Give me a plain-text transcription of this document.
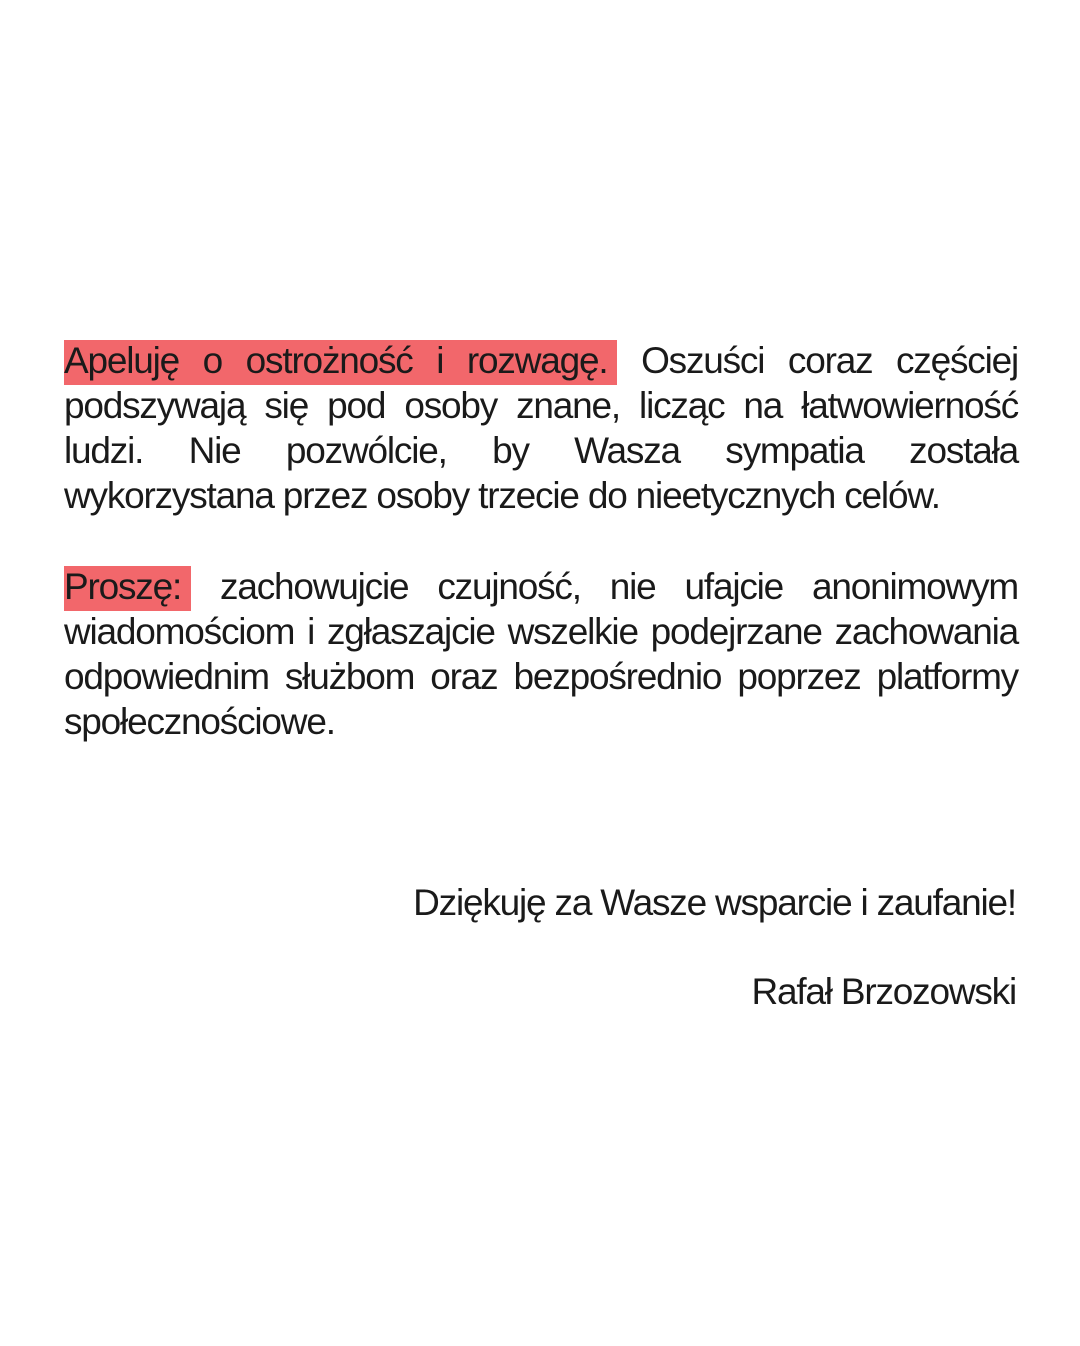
Apeluję o ostrożność i rozwagę. Oszuści coraz częściej podszywają się pod osoby znane, licząc na łatwowierność ludzi. Nie pozwólcie, by Wasza sympatia została wykorzystana przez osoby trzecie do nieetycznych celów.

Proszę: zachowujcie czujność, nie ufajcie anonimowym wiadomościom i zgłaszajcie wszelkie podejrzane zachowania odpowiednim służbom oraz bezpośrednio poprzez platformy społecznościowe.

Dziękuję za Wasze wsparcie i zaufanie!

Rafał Brzozowski
